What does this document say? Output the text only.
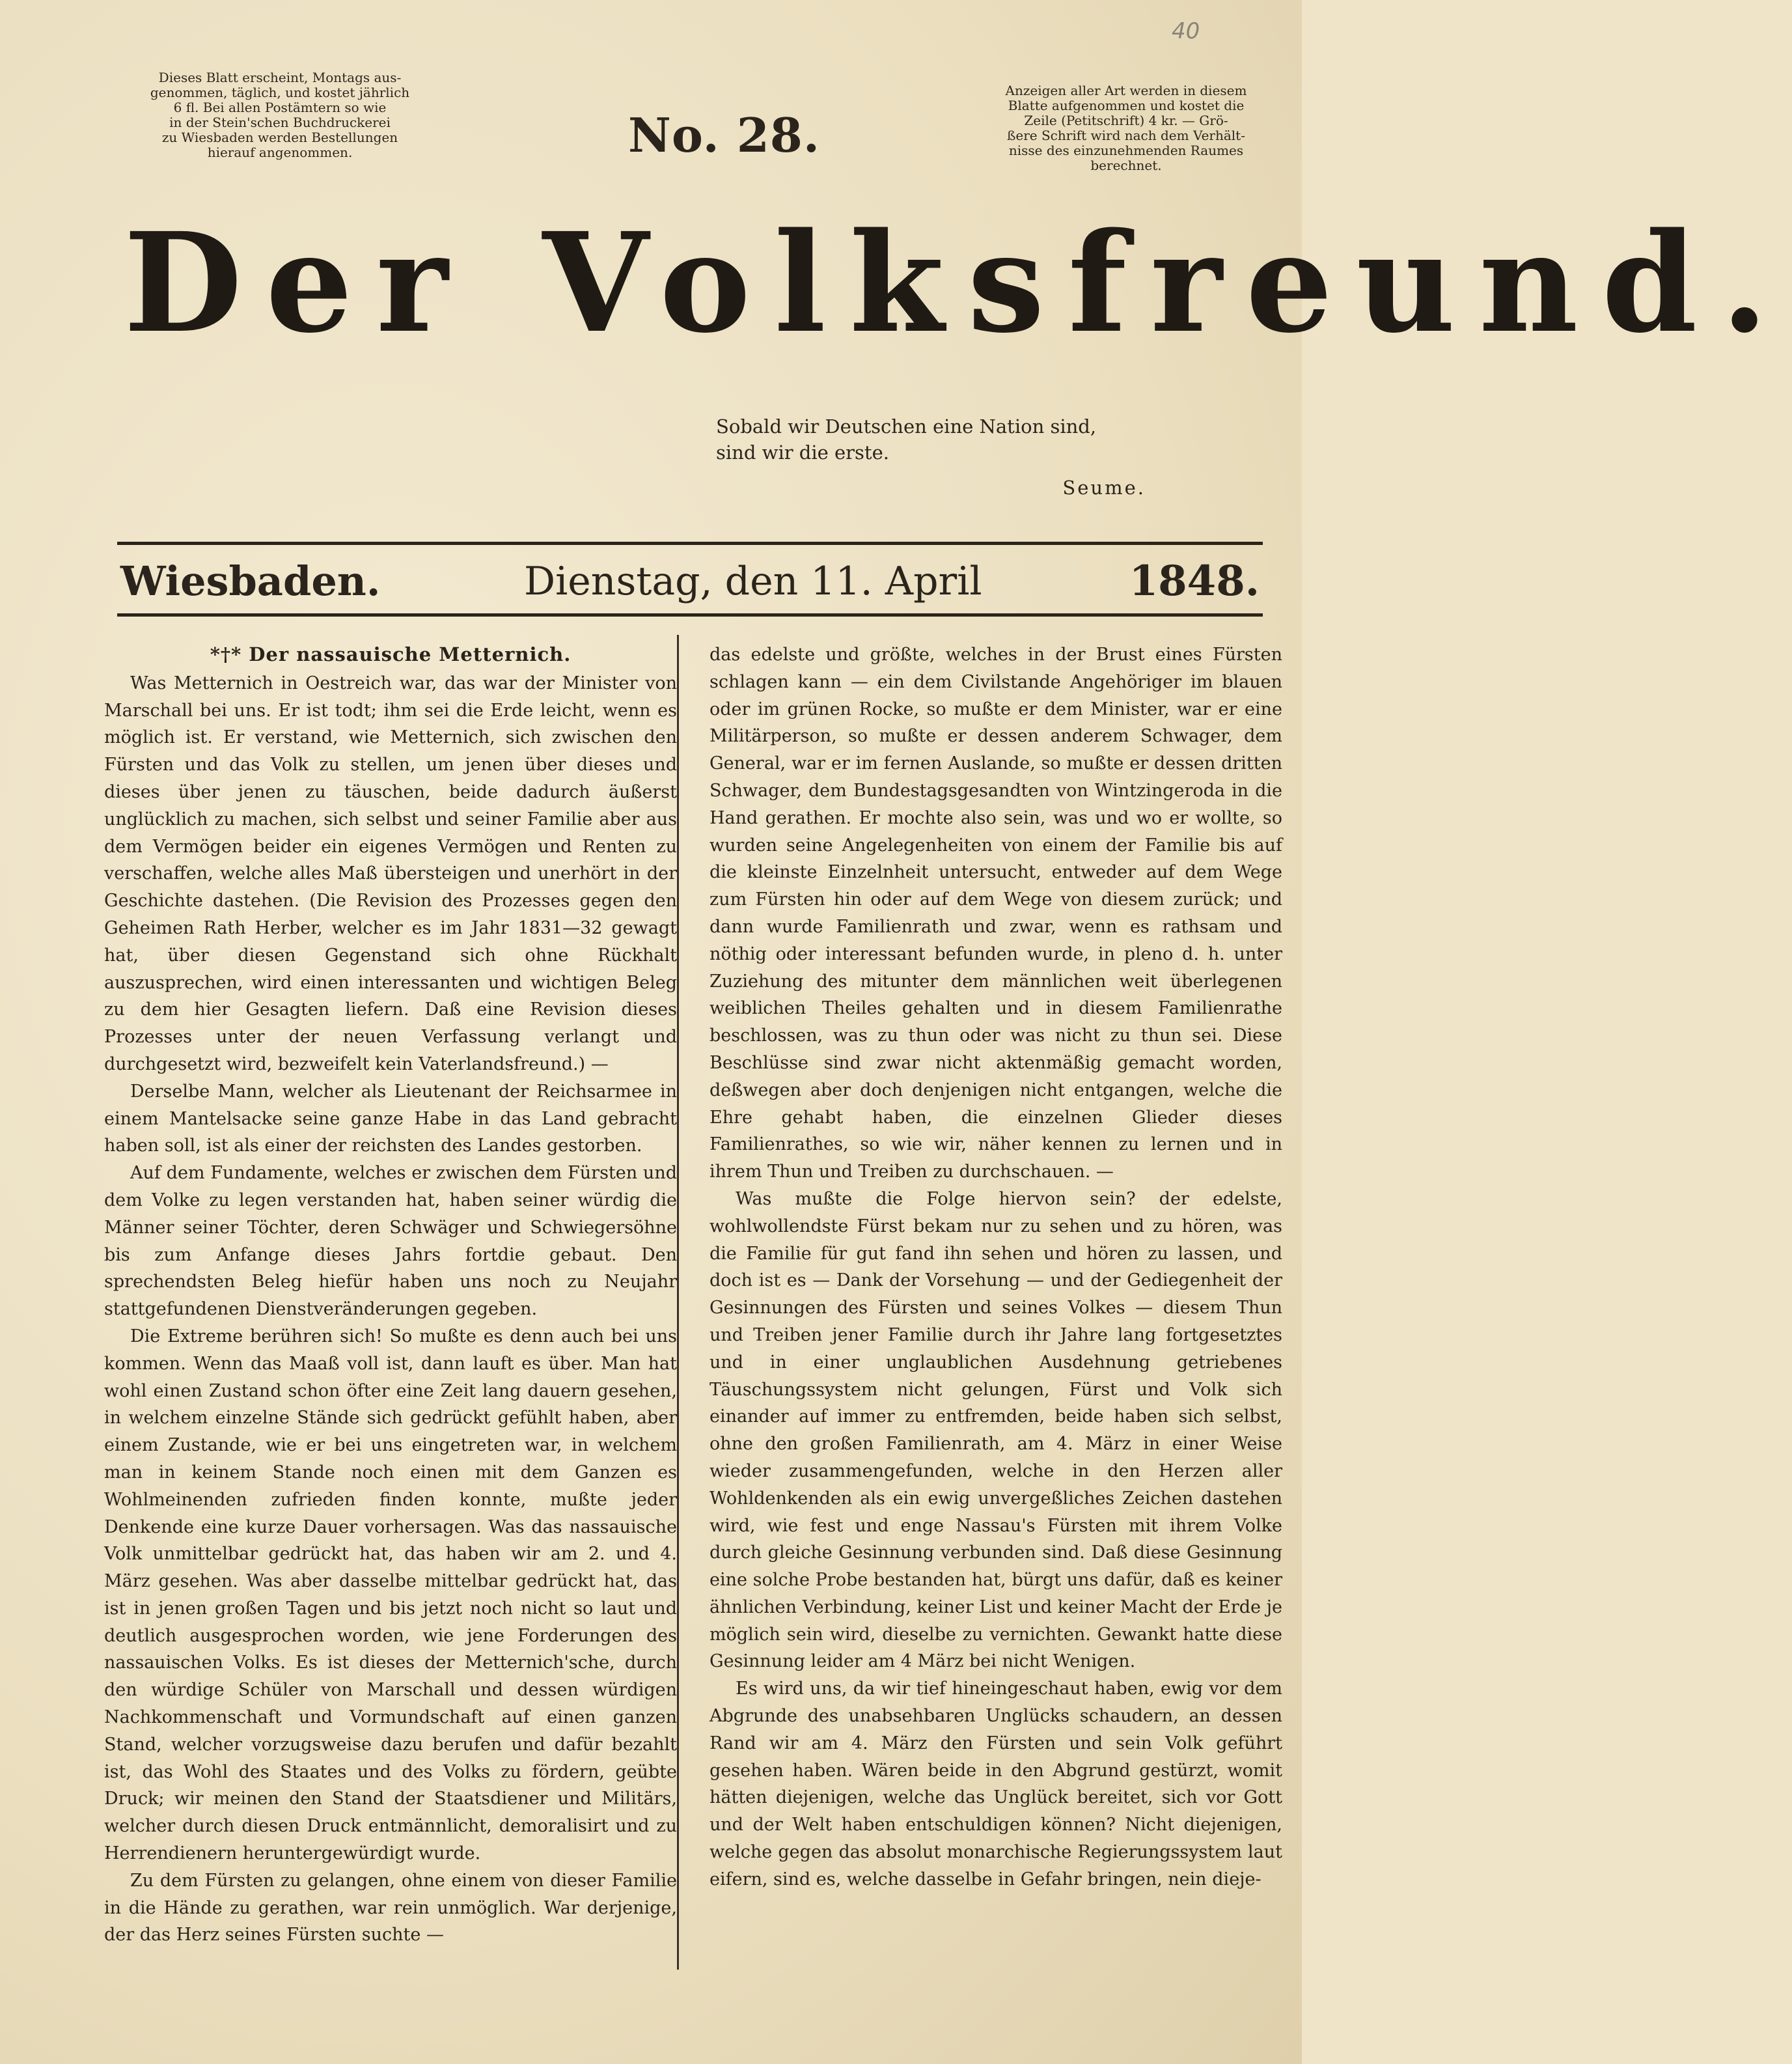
40
Dieses Blatt erscheint, Montags aus-
genommen, täglich, und kostet jährlich
6 fl. Bei allen Postämtern so wie
in der Stein'schen Buchdruckerei
zu Wiesbaden werden Bestellungen
hierauf angenommen.	No. 28.
Anzeigen aller Art werden in diesem
Blatte aufgenommen und kostet die
Zeile (Petitschrift) 4 kr. — Grö-
ßere Schrift wird nach dem Verhält-
nisse des einzunehmenden Raumes
berechnet.
Der Volksfreund.
Sobald wir Deutschen eine Nation sind,
sind wir die erste.
Seume.
Wiesbaden.	Dienstag, den 11. April	1848.
*†* Der nassauische Metternich.

Was Metternich in Oestreich war, das war der Minister von Marschall bei uns. Er ist todt; ihm sei die Erde leicht, wenn es möglich ist. Er verstand, wie Metternich, sich zwischen den Fürsten und das Volk zu stellen, um jenen über dieses und dieses über jenen zu täuschen, beide dadurch äußerst unglücklich zu machen, sich selbst und seiner Familie aber aus dem Vermögen beider ein eigenes Vermögen und Renten zu verschaffen, welche alles Maß übersteigen und unerhört in der Geschichte dastehen. (Die Revision des Prozesses gegen den Geheimen Rath Herber, welcher es im Jahr 1831—32 gewagt hat, über diesen Gegenstand sich ohne Rückhalt auszusprechen, wird einen interessanten und wichtigen Beleg zu dem hier Gesagten liefern. Daß eine Revision dieses Prozesses unter der neuen Verfassung verlangt und durchgesetzt wird, bezweifelt kein Vaterlandsfreund.) —

Derselbe Mann, welcher als Lieutenant der Reichsarmee in einem Mantelsacke seine ganze Habe in das Land gebracht haben soll, ist als einer der reichsten des Landes gestorben.

Auf dem Fundamente, welches er zwischen dem Fürsten und dem Volke zu legen verstanden hat, haben seiner würdig die Männer seiner Töchter, deren Schwäger und Schwiegersöhne bis zum Anfange dieses Jahrs fortdie gebaut. Den sprechendsten Beleg hiefür haben uns noch zu Neujahr stattgefundenen Dienstveränderungen gegeben.

Die Extreme berühren sich! So mußte es denn auch bei uns kommen. Wenn das Maaß voll ist, dann lauft es über. Man hat wohl einen Zustand schon öfter eine Zeit lang dauern gesehen, in welchem einzelne Stände sich gedrückt gefühlt haben, aber einem Zustande, wie er bei uns eingetreten war, in welchem man in keinem Stande noch einen mit dem Ganzen es Wohlmeinenden zufrieden finden konnte, mußte jeder Denkende eine kurze Dauer vorhersagen. Was das nassauische Volk unmittelbar gedrückt hat, das haben wir am 2. und 4. März gesehen. Was aber dasselbe mittelbar gedrückt hat, das ist in jenen großen Tagen und bis jetzt noch nicht so laut und deutlich ausgesprochen worden, wie jene Forderungen des nassauischen Volks. Es ist dieses der Metternich'sche, durch den würdige Schüler von Marschall und dessen würdigen Nachkommenschaft und Vormundschaft auf einen ganzen Stand, welcher vorzugsweise dazu berufen und dafür bezahlt ist, das Wohl des Staates und des Volks zu fördern, geübte Druck; wir meinen den Stand der Staatsdiener und Militärs, welcher durch diesen Druck entmännlicht, demoralisirt und zu Herrendienern heruntergewürdigt wurde.

Zu dem Fürsten zu gelangen, ohne einem von dieser Familie in die Hände zu gerathen, war rein unmöglich. War derjenige, der das Herz seines Fürsten suchte —

das edelste und größte, welches in der Brust eines Fürsten schlagen kann — ein dem Civilstande Angehöriger im blauen oder im grünen Rocke, so mußte er dem Minister, war er eine Militärperson, so mußte er dessen anderem Schwager, dem General, war er im fernen Auslande, so mußte er dessen dritten Schwager, dem Bundestagsgesandten von Wintzingeroda in die Hand gerathen. Er mochte also sein, was und wo er wollte, so wurden seine Angelegenheiten von einem der Familie bis auf die kleinste Einzelnheit untersucht, entweder auf dem Wege zum Fürsten hin oder auf dem Wege von diesem zurück; und dann wurde Familienrath und zwar, wenn es rathsam und nöthig oder interessant befunden wurde, in pleno d. h. unter Zuziehung des mitunter dem männlichen weit überlegenen weiblichen Theiles gehalten und in diesem Familienrathe beschlossen, was zu thun oder was nicht zu thun sei. Diese Beschlüsse sind zwar nicht aktenmäßig gemacht worden, deßwegen aber doch denjenigen nicht entgangen, welche die Ehre gehabt haben, die einzelnen Glieder dieses Familienrathes, so wie wir, näher kennen zu lernen und in ihrem Thun und Treiben zu durchschauen. —

Was mußte die Folge hiervon sein? der edelste, wohlwollendste Fürst bekam nur zu sehen und zu hören, was die Familie für gut fand ihn sehen und hören zu lassen, und doch ist es — Dank der Vorsehung — und der Gediegenheit der Gesinnungen des Fürsten und seines Volkes — diesem Thun und Treiben jener Familie durch ihr Jahre lang fortgesetztes und in einer unglaublichen Ausdehnung getriebenes Täuschungssystem nicht gelungen, Fürst und Volk sich einander auf immer zu entfremden, beide haben sich selbst, ohne den großen Familienrath, am 4. März in einer Weise wieder zusammengefunden, welche in den Herzen aller Wohldenkenden als ein ewig unvergeßliches Zeichen dastehen wird, wie fest und enge Nassau's Fürsten mit ihrem Volke durch gleiche Gesinnung verbunden sind. Daß diese Gesinnung eine solche Probe bestanden hat, bürgt uns dafür, daß es keiner ähnlichen Verbindung, keiner List und keiner Macht der Erde je möglich sein wird, dieselbe zu vernichten. Gewankt hatte diese Gesinnung leider am 4 März bei nicht Wenigen.

Es wird uns, da wir tief hineingeschaut haben, ewig vor dem Abgrunde des unabsehbaren Unglücks schaudern, an dessen Rand wir am 4. März den Fürsten und sein Volk geführt gesehen haben. Wären beide in den Abgrund gestürzt, womit hätten diejenigen, welche das Unglück bereitet, sich vor Gott und der Welt haben entschuldigen können? Nicht diejenigen, welche gegen das absolut monarchische Regierungssystem laut eifern, sind es, welche dasselbe in Gefahr bringen, nein dieje-
